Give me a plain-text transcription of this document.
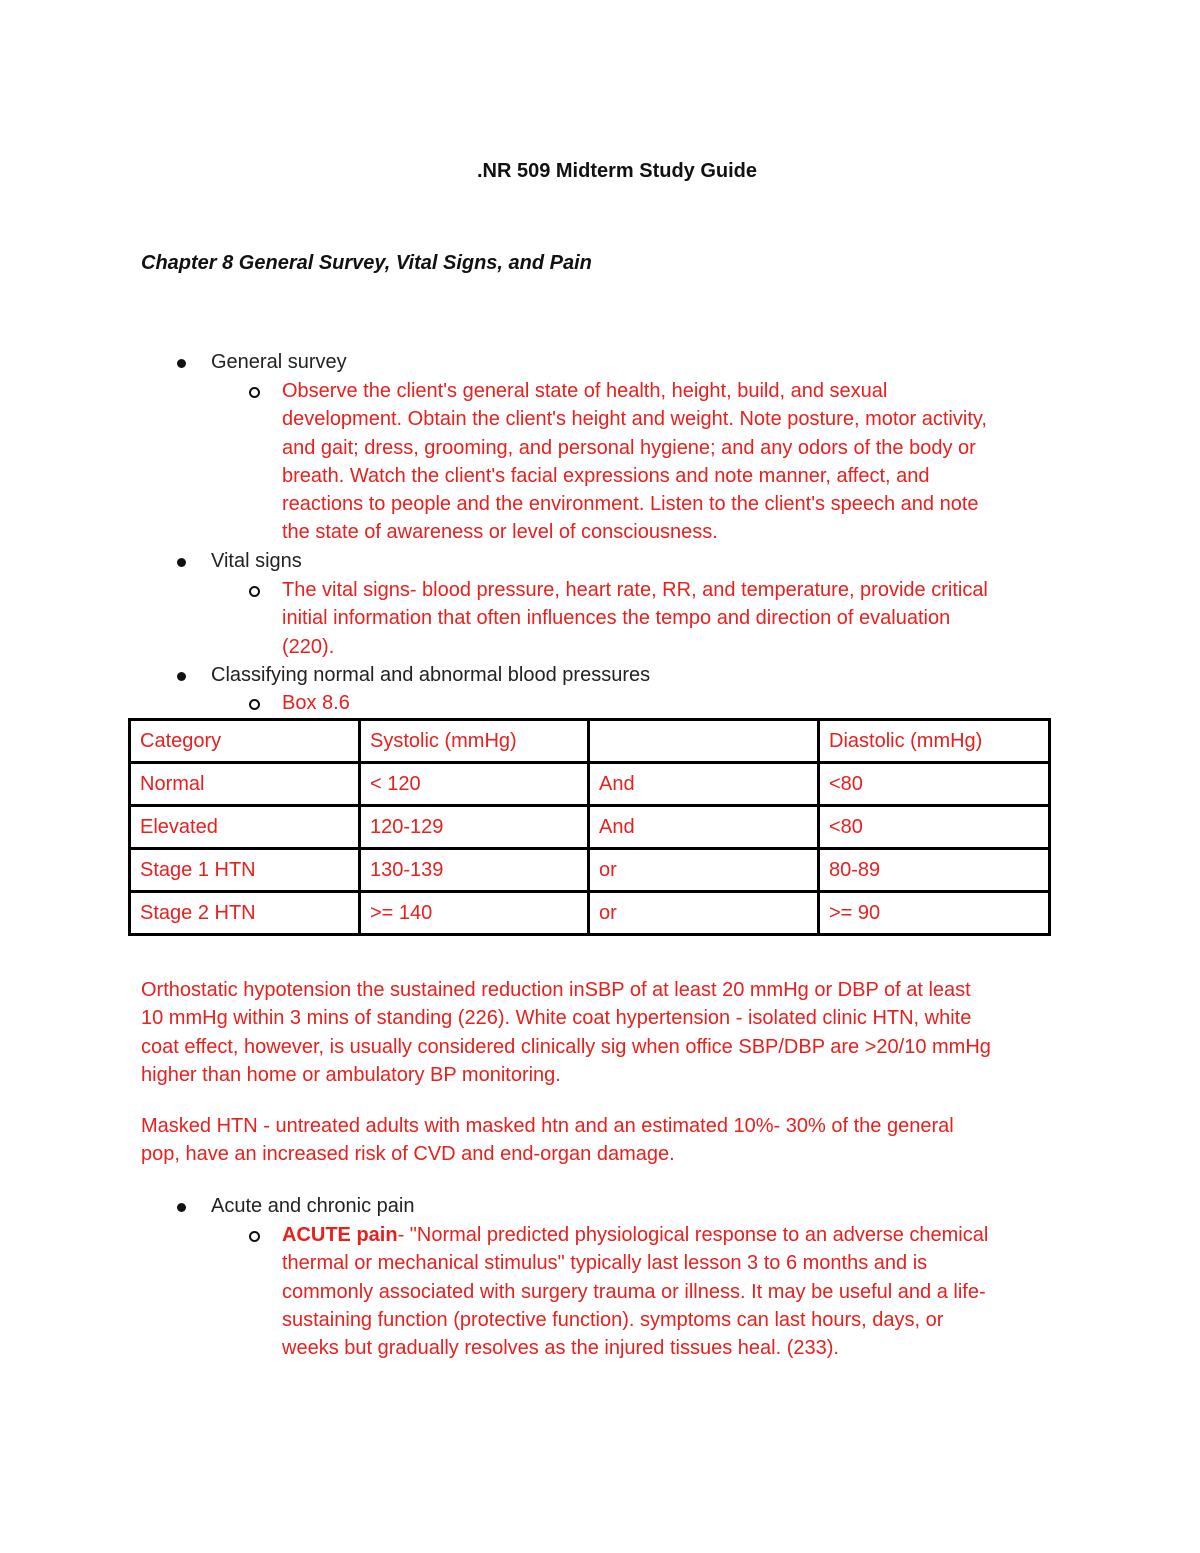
.NR 509 Midterm Study Guide
Chapter 8 General Survey, Vital Signs, and Pain
General survey
Observe the client's general state of health, height, build, and sexual
development. Obtain the client's height and weight. Note posture, motor activity,
and gait; dress, grooming, and personal hygiene; and any odors of the body or
breath. Watch the client's facial expressions and note manner, affect, and
reactions to people and the environment. Listen to the client's speech and note
the state of awareness or level of consciousness.
Vital signs
The vital signs- blood pressure, heart rate, RR, and temperature, provide critical
initial information that often influences the tempo and direction of evaluation
(220).
Classifying normal and abnormal blood pressures
Box 8.6
Category	Systolic (mmHg)		Diastolic (mmHg)
Normal	< 120	And	<80
Elevated	120-129	And	<80
Stage 1 HTN	130-139	or	80-89
Stage 2 HTN	>= 140	or	>= 90
Orthostatic hypotension the sustained reduction inSBP of at least 20 mmHg or DBP of at least
10 mmHg within 3 mins of standing (226). White coat hypertension - isolated clinic HTN, white
coat effect, however, is usually considered clinically sig when office SBP/DBP are >20/10 mmHg
higher than home or ambulatory BP monitoring.
Masked HTN - untreated adults with masked htn and an estimated 10%- 30% of the general
pop, have an increased risk of CVD and end-organ damage.
Acute and chronic pain
ACUTE pain- "Normal predicted physiological response to an adverse chemical
thermal or mechanical stimulus" typically last lesson 3 to 6 months and is
commonly associated with surgery trauma or illness. It may be useful and a life-
sustaining function (protective function). symptoms can last hours, days, or
weeks but gradually resolves as the injured tissues heal. (233).
